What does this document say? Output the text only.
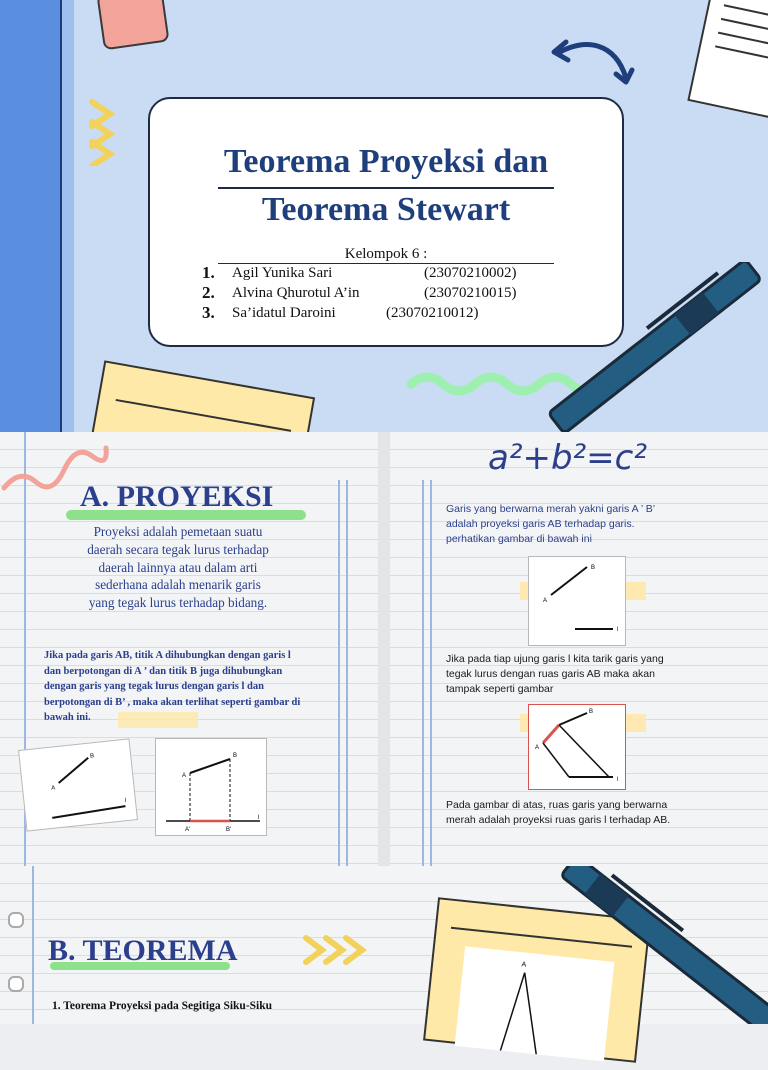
Teorema Proyeksi dan
Teorema Stewart
Kelompok 6 :
1. Agil Yunika Sari	(23070210002)
2. Alvina Qhurotul A’in	(23070210015)
3. Sa’idatul Daroini	(23070210012)
A. PROYEKSI
Proyeksi adalah pemetaan suatu daerah secara tegak lurus terhadap daerah lainnya atau dalam arti sederhana adalah menarik garis yang tegak lurus terhadap bidang.
Jika pada garis AB, titik A dihubungkan dengan garis l dan berpotongan di A ’ dan titik B juga dihubungkan dengan garis yang tegak lurus dengan garis l dan berpotongan di B’ , maka akan terlihat seperti gambar di bawah ini.
A
B
l
A
B
A'	B'
l
a²+b²=c²
Garis yang berwarna merah yakni garis A ’ B’ adalah proyeksi garis AB terhadap garis. perhatikan gambar di bawah ini
A
B
l
Jika pada tiap ujung garis l kita tarik garis yang tegak lurus dengan ruas garis AB maka akan tampak seperti gambar
A
B
l
Pada gambar di atas, ruas garis yang berwarna merah adalah proyeksi ruas garis l terhadap AB.
B. TEOREMA
1. Teorema Proyeksi pada Segitiga Siku-Siku
A
